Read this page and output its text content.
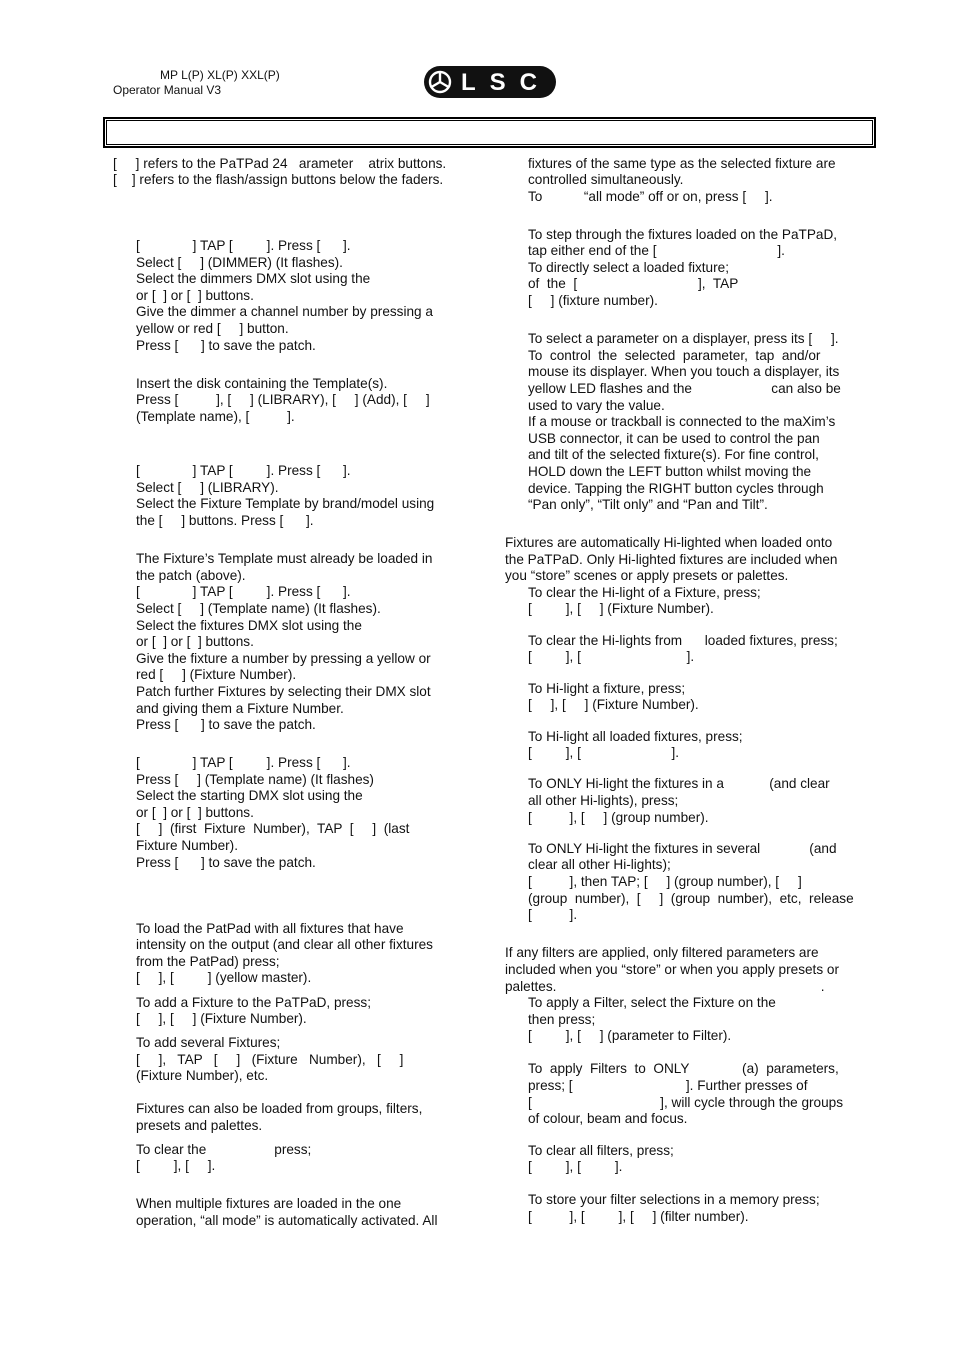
MP L(P) XL(P) XXL(P)
Operator Manual V3	LSC

[     ] refers to the PaTPad 24   arameter    atrix buttons.

[    ] refers to the flash/assign buttons below the faders.

[              ] TAP [         ]. Press [      ].

Select [     ] (DIMMER) (It flashes).

Select the dimmers DMX slot using the

or [  ] or [  ] buttons.

Give the dimmer a channel number by pressing a

yellow or red [     ] button.

Press [      ] to save the patch.

Insert the disk containing the Template(s).

Press [          ], [     ] (LIBRARY), [     ] (Add), [     ]

(Template name), [          ].

[              ] TAP [         ]. Press [      ].

Select [     ] (LIBRARY).

Select the Fixture Template by brand/model using

the [     ] buttons. Press [      ].

The Fixture’s Template must already be loaded in

the patch (above).

[              ] TAP [         ]. Press [      ].

Select [     ] (Template name) (It flashes).

Select the fixtures DMX slot using the

or [  ] or [  ] buttons.

Give the fixture a number by pressing a yellow or

red [     ] (Fixture Number).

Patch further Fixtures by selecting their DMX slot

and giving them a Fixture Number.

Press [      ] to save the patch.

[              ] TAP [         ]. Press [      ].

Press [     ] (Template name) (It flashes)

Select the starting DMX slot using the

or [  ] or [  ] buttons.

[     ]  (first  Fixture  Number),  TAP  [     ]  (last

Fixture Number).

Press [      ] to save the patch.

To load the PatPad with all fixtures that have

intensity on the output (and clear all other fixtures

from the PatPad) press;

[     ], [         ] (yellow master).

To add a Fixture to the PaTPaD, press;

[     ], [     ] (Fixture Number).

To add several Fixtures;

[     ],   TAP   [     ]   (Fixture   Number),   [     ]

(Fixture Number), etc.

Fixtures can also be loaded from groups, filters,

presets and palettes.

To clear the                  press;

[         ], [     ].

When multiple fixtures are loaded in the one

operation, “all mode” is automatically activated. All

fixtures of the same type as the selected fixture are

controlled simultaneously.

To           “all mode” off or on, press [     ].

To step through the fixtures loaded on the PaTPaD,

tap either end of the [                                ].

To directly select a loaded fixture;

of  the  [                                ],  TAP

[     ] (fixture number).

To select a parameter on a displayer, press its [     ].

To  control  the  selected  parameter,  tap  and/or

mouse its displayer. When you touch a displayer, its

yellow LED flashes and the                     can also be

used to vary the value.

If a mouse or trackball is connected to the maXim’s

USB connector, it can be used to control the pan

and tilt of the selected fixture(s). For fine control,

HOLD down the LEFT button whilst moving the

device. Tapping the RIGHT button cycles through

“Pan only”, “Tilt only” and “Pan and Tilt”.

Fixtures are automatically Hi-lighted when loaded onto

the PaTPaD. Only Hi-lighted fixtures are included when

you “store” scenes or apply presets or palettes.

To clear the Hi-light of a Fixture, press;

[         ], [     ] (Fixture Number).

To clear the Hi-lights from      loaded fixtures, press;

[         ], [                            ].

To Hi-light a fixture, press;

[     ], [     ] (Fixture Number).

To Hi-light all loaded fixtures, press;

[         ], [                        ].

To ONLY Hi-light the fixtures in a            (and clear

all other Hi-lights), press;

[          ], [     ] (group number).

To ONLY Hi-light the fixtures in several             (and

clear all other Hi-lights);

[          ], then TAP; [     ] (group number), [     ]

(group  number),  [     ]  (group  number),  etc,  release

[          ].

If any filters are applied, only filtered parameters are

included when you “store” or when you apply presets or

palettes.                                                                      .

To apply a Filter, select the Fixture on the

then press;

[         ], [     ] (parameter to Filter).

To  apply  Filters  to  ONLY              (a)  parameters,

press; [                              ]. Further presses of

[                                  ], will cycle through the groups

of colour, beam and focus.

To clear all filters, press;

[         ], [         ].

To store your filter selections in a memory press;

[          ], [         ], [     ] (filter number).
